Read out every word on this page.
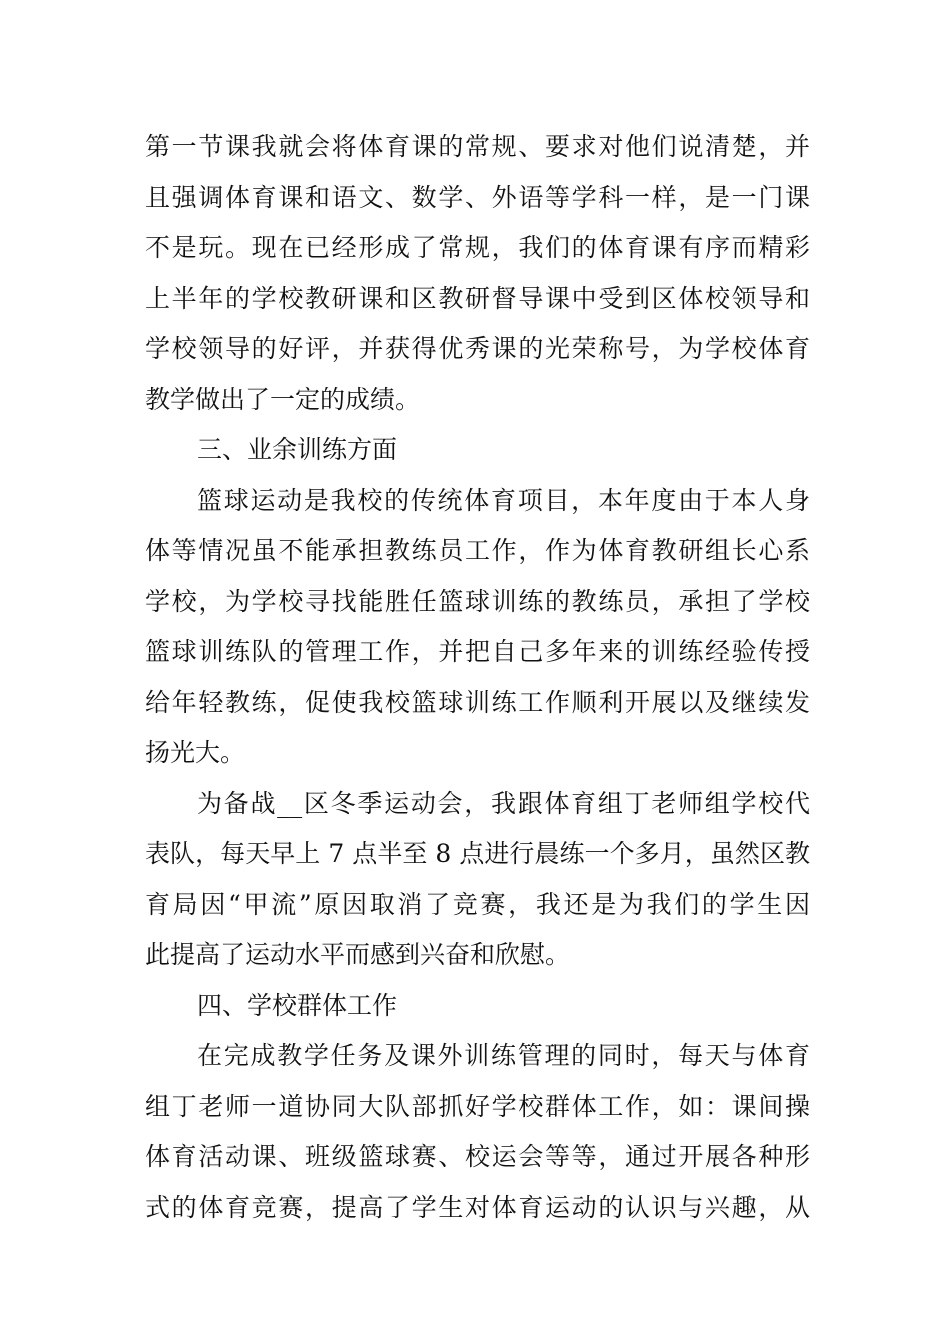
第一节课我就会将体育课的常规、要求对他们说清楚，并
且强调体育课和语文、数学、外语等学科一样，是一门课
不是玩。现在已经形成了常规，我们的体育课有序而精彩
上半年的学校教研课和区教研督导课中受到区体校领导和
学校领导的好评，并获得优秀课的光荣称号，为学校体育
教学做出了一定的成绩。
三、业余训练方面
篮球运动是我校的传统体育项目，本年度由于本人身
体等情况虽不能承担教练员工作，作为体育教研组长心系
学校，为学校寻找能胜任篮球训练的教练员，承担了学校
篮球训练队的管理工作，并把自己多年来的训练经验传授
给年轻教练，促使我校篮球训练工作顺利开展以及继续发
扬光大。
为备战__区冬季运动会，我跟体育组丁老师组学校代
表队，每天早上 7 点半至 8 点进行晨练一个多月，虽然区教
育局因“甲流”原因取消了竞赛，我还是为我们的学生因
此提高了运动水平而感到兴奋和欣慰。
四、学校群体工作
在完成教学任务及课外训练管理的同时，每天与体育
组丁老师一道协同大队部抓好学校群体工作，如：课间操
体育活动课、班级篮球赛、校运会等等，通过开展各种形
式的体育竞赛，提高了学生对体育运动的认识与兴趣，从
